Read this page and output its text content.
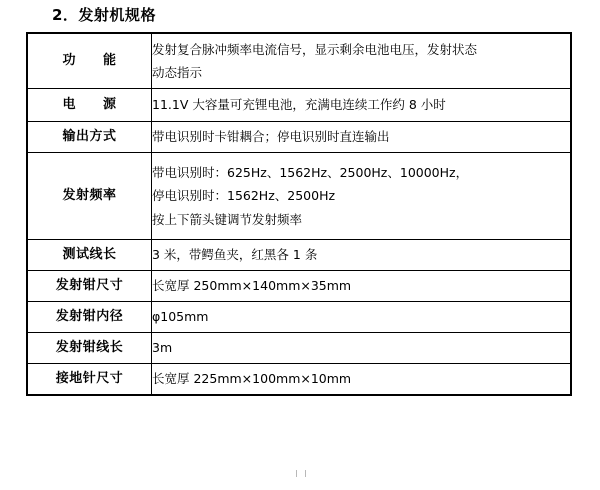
2．发射机规格
功　　能	发射复合脉冲频率电流信号，显示剩余电池电压，发射状态
动态指示

电　　源	11.1V 大容量可充锂电池，充满电连续工作约 8 小时

输出方式	带电识别时卡钳耦合；停电识别时直连输出

发射频率	带电识别时：625Hz、1562Hz、2500Hz、10000Hz，
停电识别时：1562Hz、2500Hz
按上下箭头键调节发射频率

测试线长	3 米，带鳄鱼夹，红黑各 1 条

发射钳尺寸	长宽厚 250mm×140mm×35mm

发射钳内径	φ105mm

发射钳线长	3m

接地针尺寸	长宽厚 225mm×100mm×10mm
